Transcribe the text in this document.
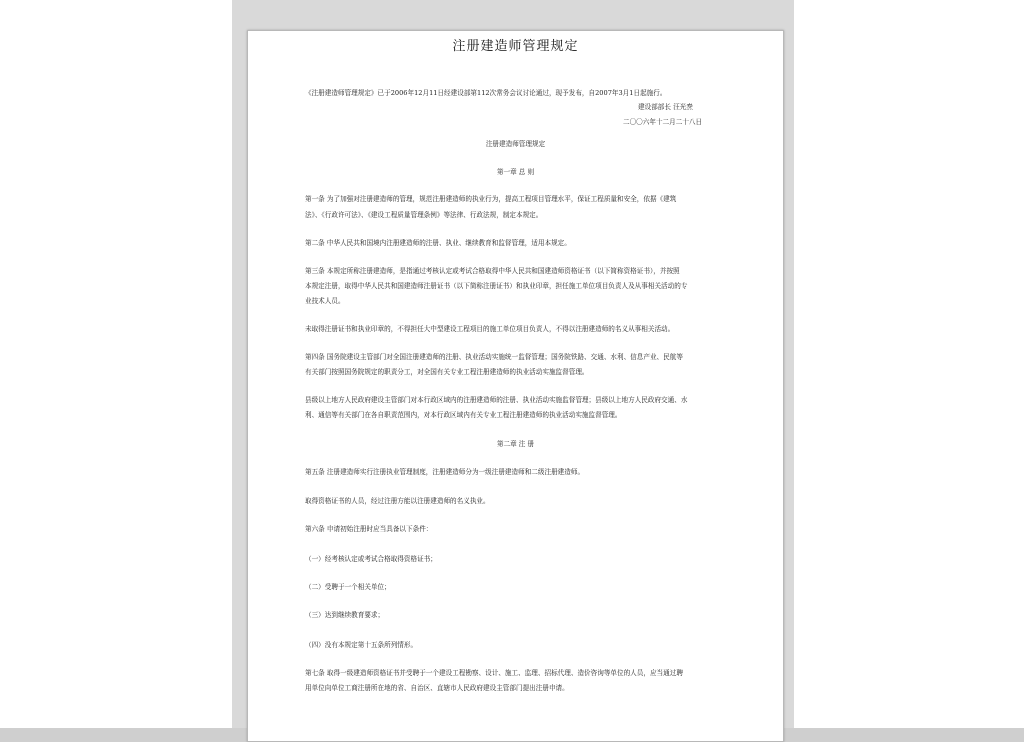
注册建造师管理规定
《注册建造师管理规定》已于2006年12月11日经建设部第112次常务会议讨论通过，现予发布，自2007年3月1日起施行。
建设部部长 汪光焘
二〇〇六年十二月二十八日
注册建造师管理规定
第一章 总 则
第一条 为了加强对注册建造师的管理，规范注册建造师的执业行为，提高工程项目管理水平，保证工程质量和安全，依据《建筑
法》、《行政许可法》、《建设工程质量管理条例》等法律、行政法规，制定本规定。
第二条 中华人民共和国境内注册建造师的注册、执业、继续教育和监督管理，适用本规定。
第三条 本规定所称注册建造师，是指通过考核认定或考试合格取得中华人民共和国建造师资格证书（以下简称资格证书），并按照
本规定注册，取得中华人民共和国建造师注册证书（以下简称注册证书）和执业印章，担任施工单位项目负责人及从事相关活动的专
业技术人员。
未取得注册证书和执业印章的，不得担任大中型建设工程项目的施工单位项目负责人，不得以注册建造师的名义从事相关活动。
第四条 国务院建设主管部门对全国注册建造师的注册、执业活动实施统一监督管理；国务院铁路、交通、水利、信息产业、民航等
有关部门按照国务院规定的职责分工，对全国有关专业工程注册建造师的执业活动实施监督管理。
县级以上地方人民政府建设主管部门对本行政区域内的注册建造师的注册、执业活动实施监督管理；县级以上地方人民政府交通、水
利、通信等有关部门在各自职责范围内，对本行政区域内有关专业工程注册建造师的执业活动实施监督管理。
第二章 注 册
第五条 注册建造师实行注册执业管理制度，注册建造师分为一级注册建造师和二级注册建造师。
取得资格证书的人员，经过注册方能以注册建造师的名义执业。
第六条 申请初始注册时应当具备以下条件：
（一）经考核认定或考试合格取得资格证书；
（二）受聘于一个相关单位；
（三）达到继续教育要求；
（四）没有本规定第十五条所列情形。
第七条 取得一级建造师资格证书并受聘于一个建设工程勘察、设计、施工、监理、招标代理、造价咨询等单位的人员，应当通过聘
用单位向单位工商注册所在地的省、自治区、直辖市人民政府建设主管部门提出注册申请。
